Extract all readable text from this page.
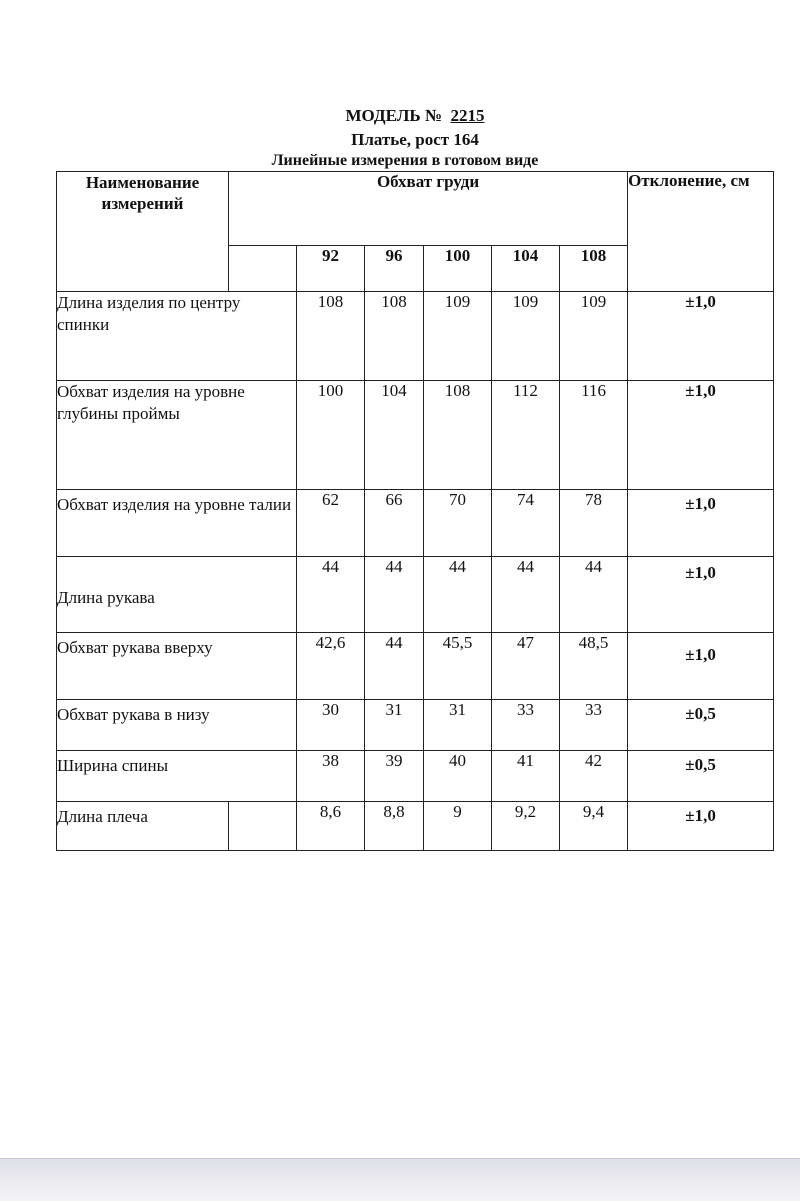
МОДЕЛЬ № 2215
Платье, рост 164
Линейные измерения в готовом виде
Наименование измерений	Обхват груди						Отклонение, см
		92	96	100	104	108	
Длина изделия по центру спинки		108	108	109	109	109	±1,0
Обхват изделия на уровне глубины проймы		100	104	108	112	116	±1,0
Обхват изделия на уровне талии		62	66	70	74	78	±1,0
Длина рукава		44	44	44	44	44	±1,0
Обхват рукава вверху		42,6	44	45,5	47	48,5	±1,0
Обхват рукава в низу		30	31	31	33	33	±0,5
Ширина спины		38	39	40	41	42	±0,5
Длина плеча		8,6	8,8	9	9,2	9,4	±1,0
